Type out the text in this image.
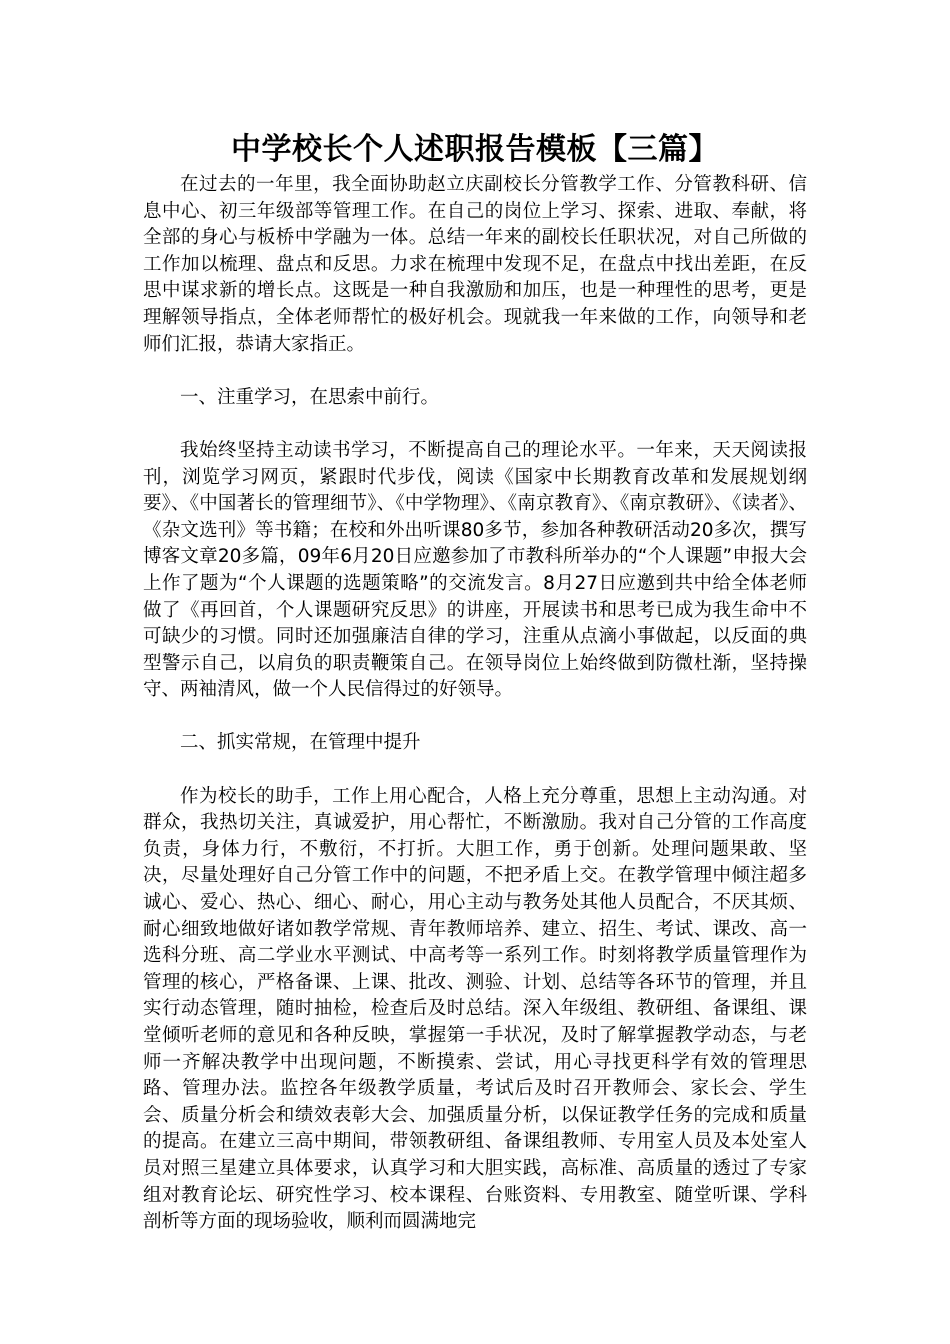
中学校长个人述职报告模板【三篇】

在过去的一年里，我全面协助赵立庆副校长分管教学工作、分管教科研、信息中心、初三年级部等管理工作。在自己的岗位上学习、探索、进取、奉献，将全部的身心与板桥中学融为一体。总结一年来的副校长任职状况，对自己所做的工作加以梳理、盘点和反思。力求在梳理中发现不足，在盘点中找出差距，在反思中谋求新的增长点。这既是一种自我激励和加压，也是一种理性的思考，更是理解领导指点，全体老师帮忙的极好机会。现就我一年来做的工作，向领导和老师们汇报，恭请大家指正。

一、注重学习，在思索中前行。

我始终坚持主动读书学习，不断提高自己的理论水平。一年来，天天阅读报刊，浏览学习网页，紧跟时代步伐，阅读《国家中长期教育改革和发展规划纲要》、《中国著长的管理细节》、《中学物理》、《南京教育》、《南京教研》、《读者》、《杂文选刊》等书籍；在校和外出听课80多节，参加各种教研活动20多次，撰写博客文章20多篇，09年6月20日应邀参加了市教科所举办的“个人课题”申报大会上作了题为“个人课题的选题策略”的交流发言。8月27日应邀到共中给全体老师做了《再回首，个人课题研究反思》的讲座，开展读书和思考已成为我生命中不可缺少的习惯。同时还加强廉洁自律的学习，注重从点滴小事做起，以反面的典型警示自己，以肩负的职责鞭策自己。在领导岗位上始终做到防微杜渐，坚持操守、两袖清风，做一个人民信得过的好领导。

二、抓实常规，在管理中提升

作为校长的助手，工作上用心配合，人格上充分尊重，思想上主动沟通。对群众，我热切关注，真诚爱护，用心帮忙，不断激励。我对自己分管的工作高度负责，身体力行，不敷衍，不打折。大胆工作，勇于创新。处理问题果敢、坚决，尽量处理好自己分管工作中的问题，不把矛盾上交。在教学管理中倾注超多诚心、爱心、热心、细心、耐心，用心主动与教务处其他人员配合，不厌其烦、耐心细致地做好诸如教学常规、青年教师培养、建立、招生、考试、课改、高一选科分班、高二学业水平测试、中高考等一系列工作。时刻将教学质量管理作为管理的核心，严格备课、上课、批改、测验、计划、总结等各环节的管理，并且实行动态管理，随时抽检，检查后及时总结。深入年级组、教研组、备课组、课堂倾听老师的意见和各种反映，掌握第一手状况，及时了解掌握教学动态，与老师一齐解决教学中出现问题，不断摸索、尝试，用心寻找更科学有效的管理思路、管理办法。监控各年级教学质量，考试后及时召开教师会、家长会、学生会、质量分析会和绩效表彰大会、加强质量分析，以保证教学任务的完成和质量的提高。在建立三高中期间，带领教研组、备课组教师、专用室人员及本处室人员对照三星建立具体要求，认真学习和大胆实践，高标准、高质量的透过了专家组对教育论坛、研究性学习、校本课程、台账资料、专用教室、随堂听课、学科剖析等方面的现场验收，顺利而圆满地完
